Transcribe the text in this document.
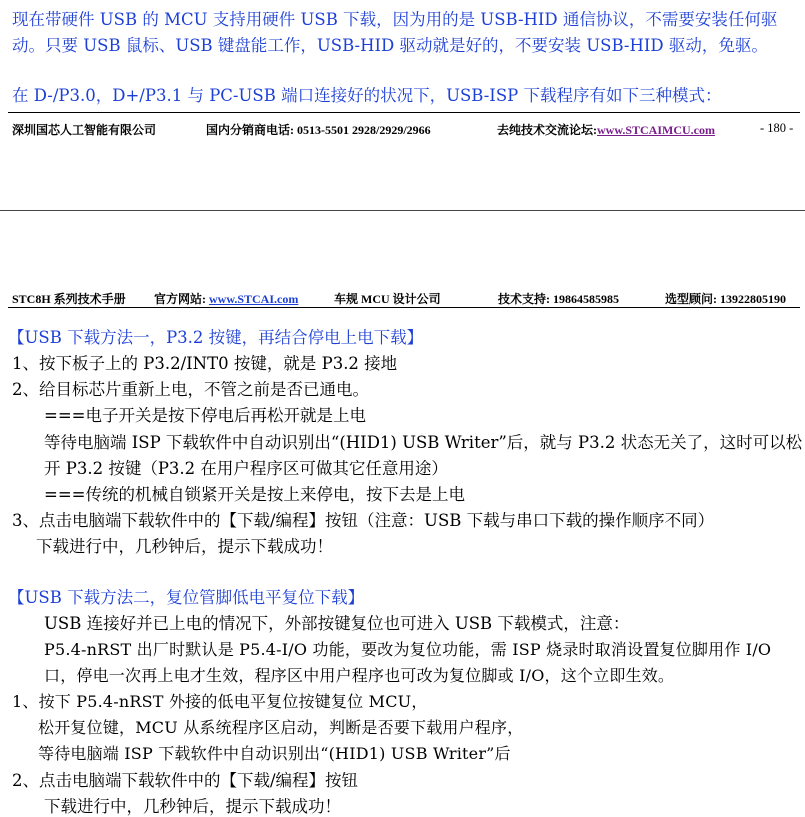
现在带硬件 USB 的 MCU 支持用硬件 USB 下载，因为用的是 USB-HID 通信协议，不需要安装任何驱
动。只要 USB 鼠标、USB 键盘能工作，USB-HID 驱动就是好的，不要安装 USB-HID 驱动，免驱。
在 D-/P3.0，D+/P3.1 与 PC-USB 端口连接好的状况下，USB-ISP 下载程序有如下三种模式：
深圳国芯人工智能有限公司	国内分销商电话: 0513-5501 2928/2929/2966	去纯技术交流论坛:www.STCAIMCU.com	- 180 -
STC8H 系列技术手册 官方网站: www.STCAI.com	车规 MCU 设计公司	技术支持: 19864585985	选型顾问: 13922805190
【USB 下载方法一，P3.2 按键，再结合停电上电下载】
1、按下板子上的 P3.2/INT0 按键，就是 P3.2 接地
2、给目标芯片重新上电，不管之前是否已通电。
===电子开关是按下停电后再松开就是上电
等待电脑端 ISP 下载软件中自动识别出“(HID1) USB Writer”后，就与 P3.2 状态无关了，这时可以松
开 P3.2 按键（P3.2 在用户程序区可做其它任意用途）
===传统的机械自锁紧开关是按上来停电，按下去是上电
3、点击电脑端下载软件中的【下载/编程】按钮（注意：USB 下载与串口下载的操作顺序不同）
下载进行中，几秒钟后，提示下载成功！
【USB 下载方法二，复位管脚低电平复位下载】
USB 连接好并已上电的情况下，外部按键复位也可进入 USB 下载模式，注意：
P5.4-nRST 出厂时默认是 P5.4-I/O 功能，要改为复位功能，需 ISP 烧录时取消设置复位脚用作 I/O
口，停电一次再上电才生效，程序区中用户程序也可改为复位脚或 I/O，这个立即生效。
1、按下 P5.4-nRST 外接的低电平复位按键复位 MCU，
松开复位键，MCU 从系统程序区启动，判断是否要下载用户程序，
等待电脑端 ISP 下载软件中自动识别出“(HID1) USB Writer”后
2、点击电脑端下载软件中的【下载/编程】按钮
下载进行中，几秒钟后，提示下载成功！
